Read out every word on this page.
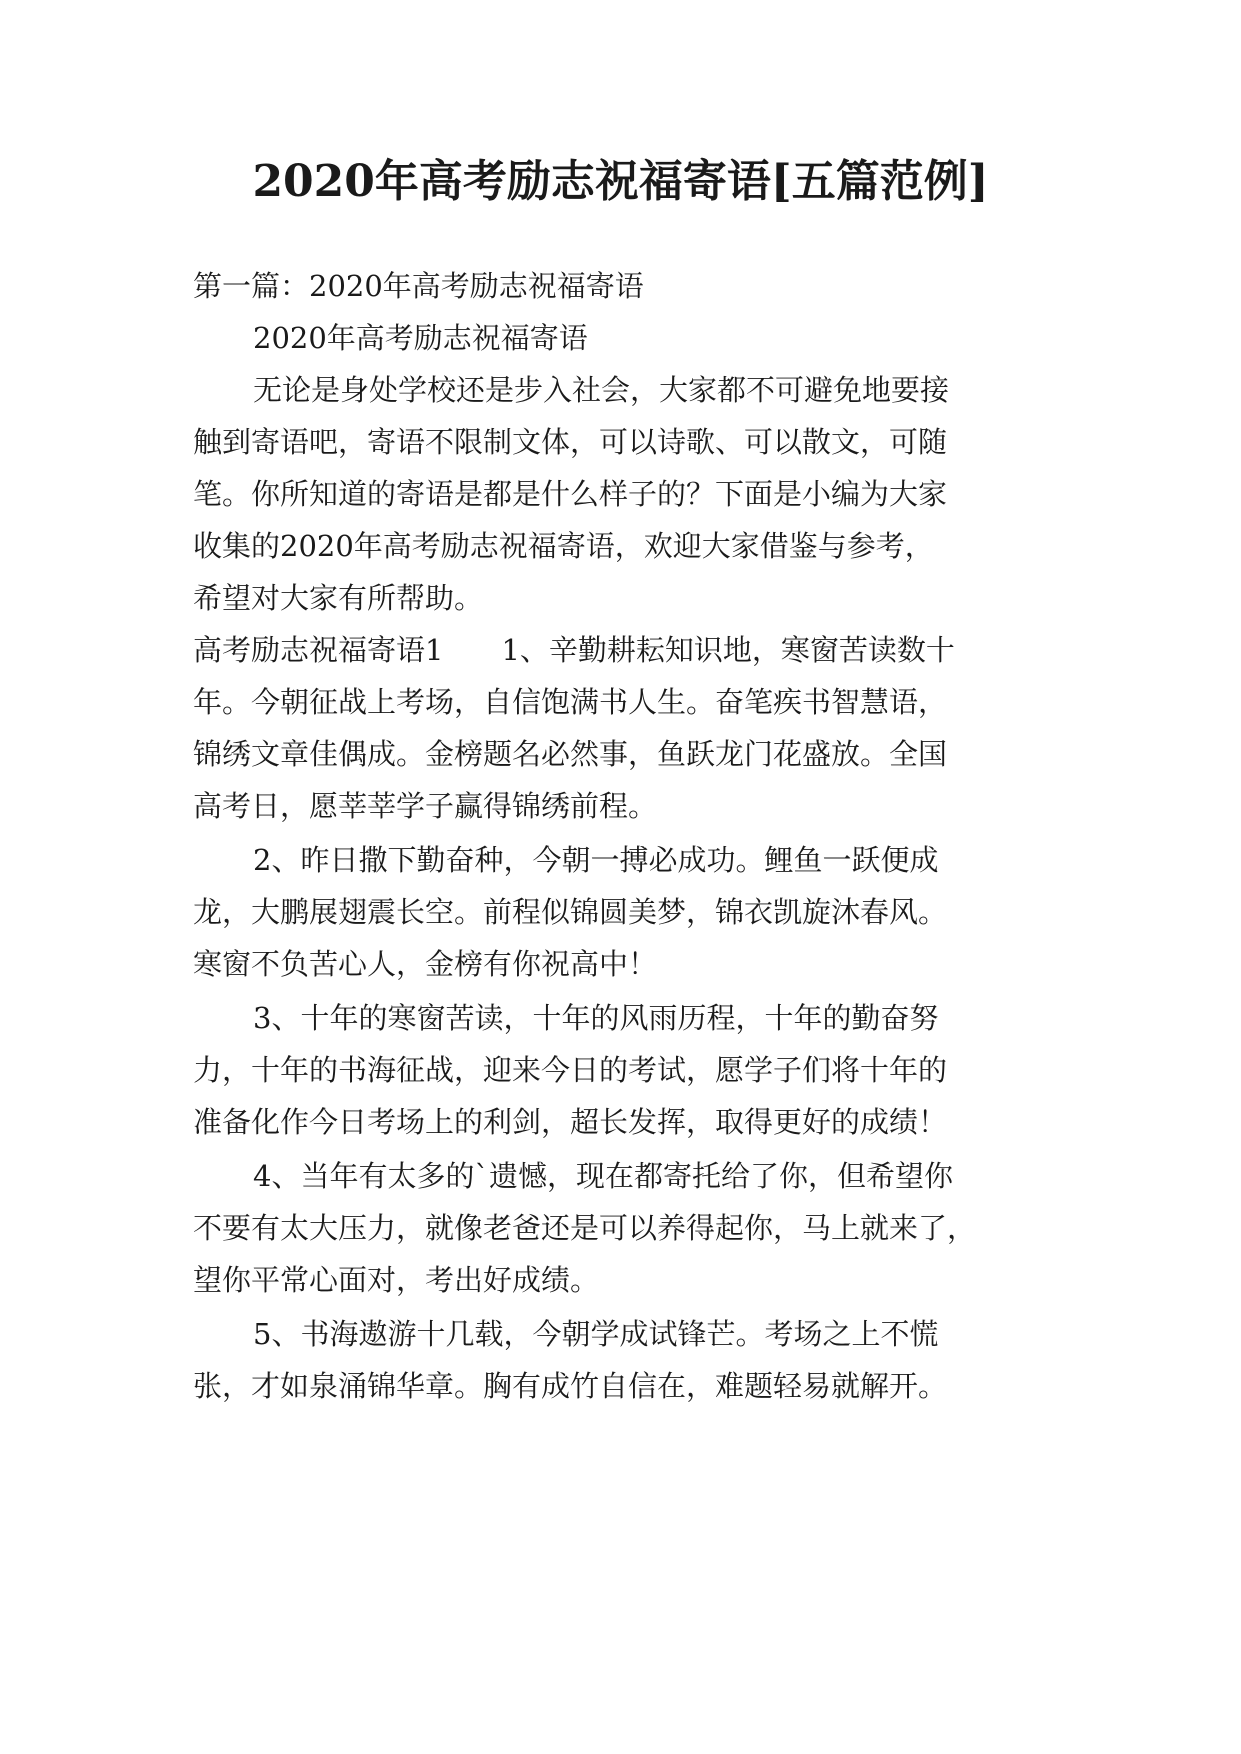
2020年高考励志祝福寄语[五篇范例]
第一篇：2020年高考励志祝福寄语
2020年高考励志祝福寄语
无论是身处学校还是步入社会，大家都不可避免地要接
触到寄语吧，寄语不限制文体，可以诗歌、可以散文，可随
笔。你所知道的寄语是都是什么样子的？下面是小编为大家
收集的2020年高考励志祝福寄语，欢迎大家借鉴与参考，
希望对大家有所帮助。
高考励志祝福寄语1　　1、辛勤耕耘知识地，寒窗苦读数十
年。今朝征战上考场，自信饱满书人生。奋笔疾书智慧语，
锦绣文章佳偶成。金榜题名必然事，鱼跃龙门花盛放。全国
高考日，愿莘莘学子赢得锦绣前程。
2、昨日撒下勤奋种，今朝一搏必成功。鲤鱼一跃便成
龙，大鹏展翅震长空。前程似锦圆美梦，锦衣凯旋沐春风。
寒窗不负苦心人，金榜有你祝高中！
3、十年的寒窗苦读，十年的风雨历程，十年的勤奋努
力，十年的书海征战，迎来今日的考试，愿学子们将十年的
准备化作今日考场上的利剑，超长发挥，取得更好的成绩！
4、当年有太多的`遗憾，现在都寄托给了你，但希望你
不要有太大压力，就像老爸还是可以养得起你，马上就来了，
望你平常心面对，考出好成绩。
5、书海遨游十几载，今朝学成试锋芒。考场之上不慌
张，才如泉涌锦华章。胸有成竹自信在，难题轻易就解开。
